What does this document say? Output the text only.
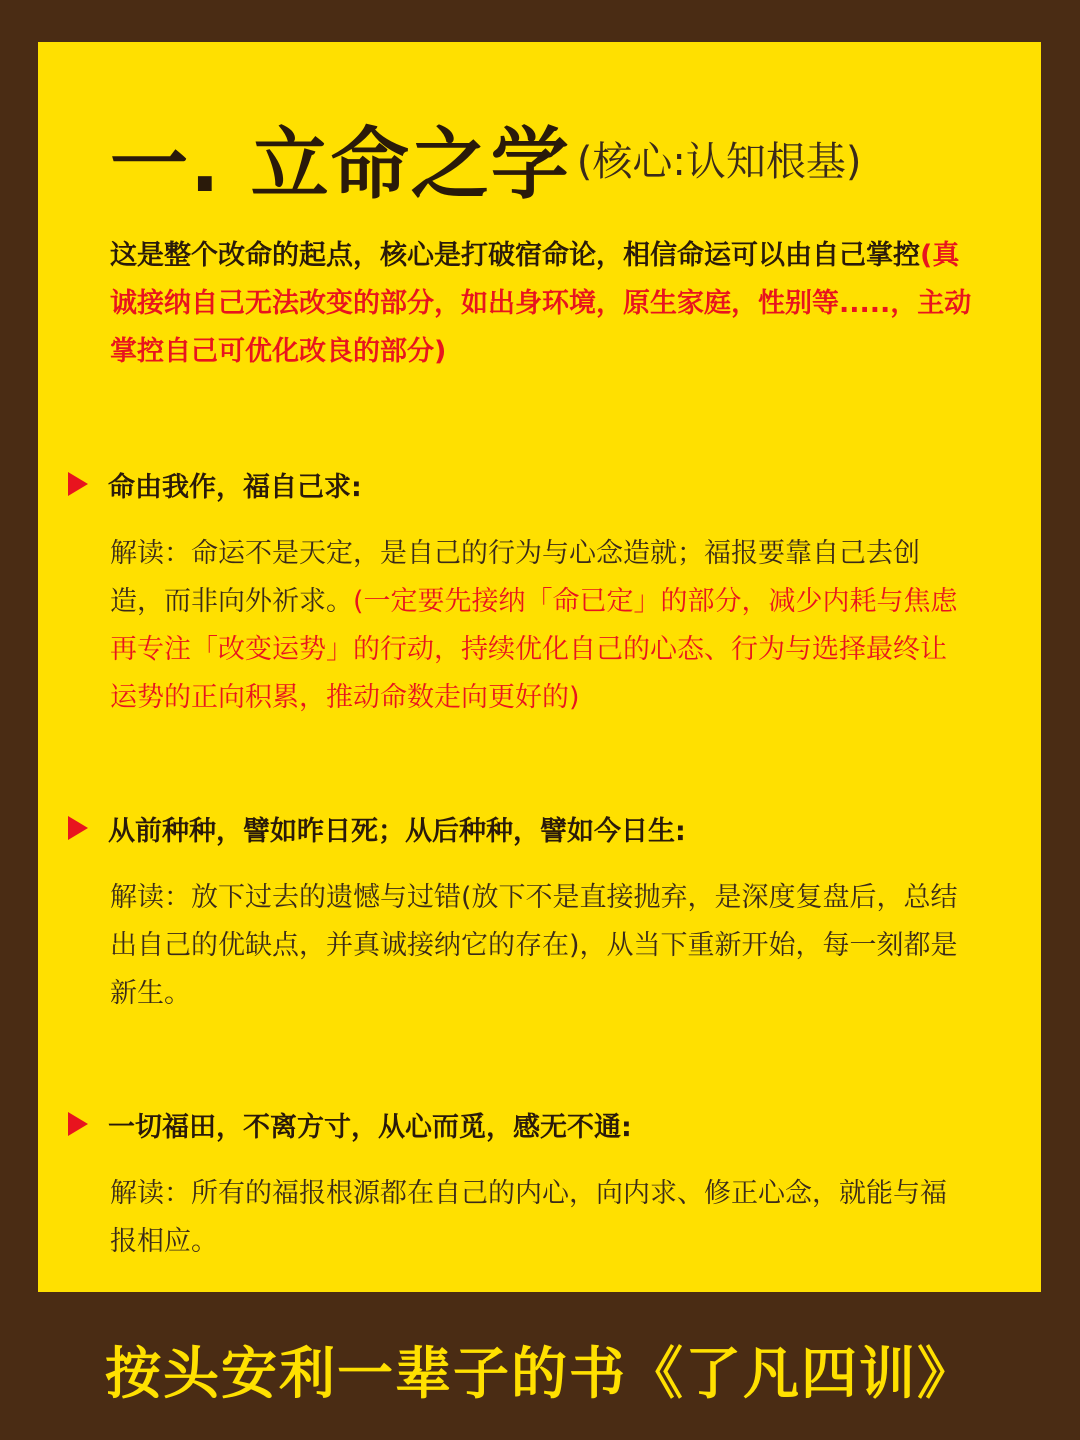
一. 立命之学 (核心:认知根基)
这是整个改命的起点，核心是打破宿命论，相信命运可以由自己掌控(真诚接纳自己无法改变的部分，如出身环境，原生家庭，性别等.....，主动掌控自己可优化改良的部分)
命由我作，福自己求:
解读：命运不是天定，是自己的行为与心念造就；福报要靠自己去创造，而非向外祈求。(一定要先接纳「命已定」的部分，减少内耗与焦虑再专注「改变运势」的行动，持续优化自己的心态、行为与选择最终让运势的正向积累，推动命数走向更好的)
从前种种，譬如昨日死；从后种种，譬如今日生:
解读：放下过去的遗憾与过错(放下不是直接抛弃，是深度复盘后，总结出自己的优缺点，并真诚接纳它的存在)，从当下重新开始，每一刻都是新生。
一切福田，不离方寸，从心而觅，感无不通:
解读：所有的福报根源都在自己的内心，向内求、修正心念，就能与福报相应。
按头安利一辈子的书《了凡四训》
